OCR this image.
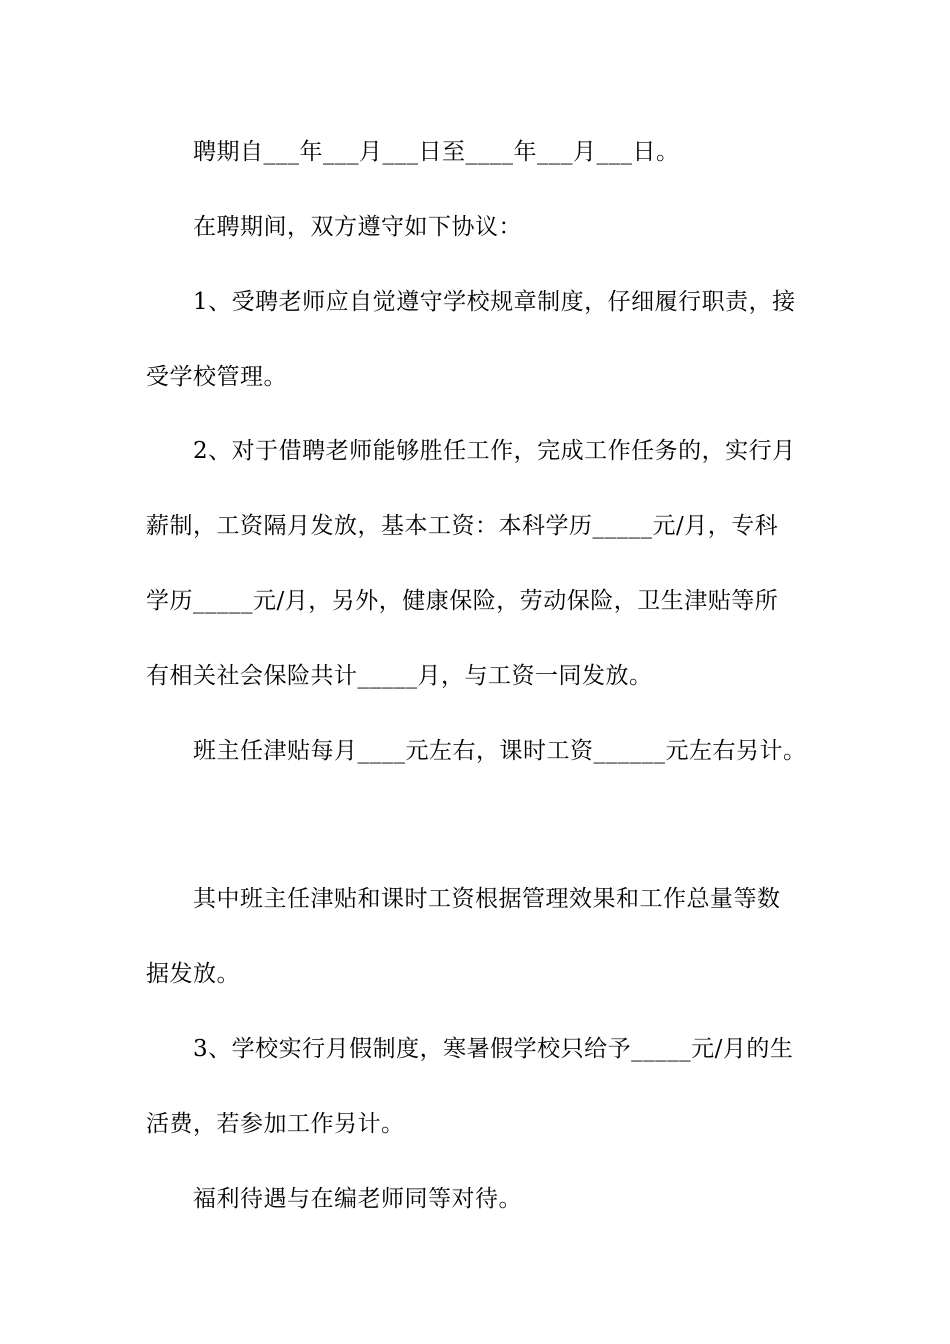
聘期自___年___月___日至____年___月___日。
在聘期间，双方遵守如下协议：
1、受聘老师应自觉遵守学校规章制度，仔细履行职责，接
受学校管理。
2、对于借聘老师能够胜任工作，完成工作任务的，实行月
薪制，工资隔月发放，基本工资：本科学历_____元/月，专科
学历_____元/月，另外，健康保险，劳动保险，卫生津贴等所
有相关社会保险共计_____月，与工资一同发放。
班主任津贴每月____元左右，课时工资______元左右另计。
其中班主任津贴和课时工资根据管理效果和工作总量等数
据发放。
3、学校实行月假制度，寒暑假学校只给予_____元/月的生
活费，若参加工作另计。
福利待遇与在编老师同等对待。
